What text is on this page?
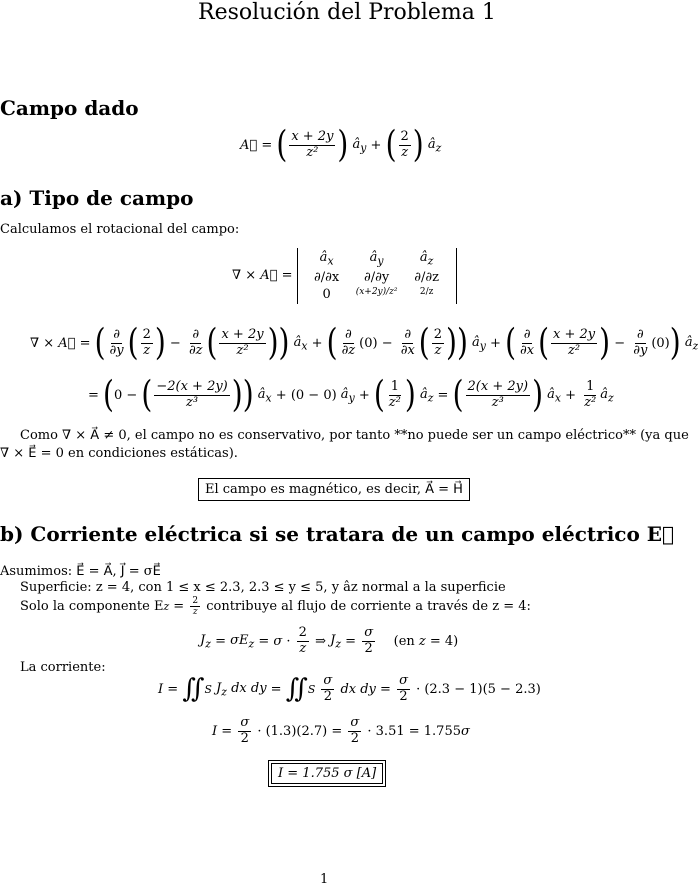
Resolución del Problema 1
Campo dado
A⃗ = ( $\frac{x + 2y}{\text{z²}}$ )
$â_y$ + ( $\frac{2}{z}$ )
$â_z$
a) Tipo de campo
Calculamos el rotacional del campo:
∇ × A⃗ =
$â_x$	$â_y$	$â_z$
∂/∂x	∂/∂y	∂/∂z
0	(x+2y)/z²	2/z
∇ × A⃗ = ( $\frac{\partial}{\partial y}$ ( $\frac{2}{z}$ ) − $\frac{\partial}{\partial z}$ ( $\frac{x + 2y}{\text{z²}}$ ) )
$â_x$ + ( $\frac{\partial}{\partial z} (0) - \frac{\partial}{\partial x}$ ( $\frac{2}{z}$ ) )
$â_y$ + ( $\frac{\partial}{\partial x}$ ( $\frac{x + 2y}{\text{z²}}$ ) − $\frac{\partial}{\partial y} (0)$ )
$â_z$
= ( 0 − ( $\frac{-2(x + 2y)}{\text{z³}}$ ) )
$â_x + (0 - 0)$ $â_y$ + ( $\frac{1}{\text{z²}}$ )
$â_z$ = ( $\frac{2(x + 2y)}{\text{z³}}$ )
$â_x + \frac{1}{\text{z²}}$ $â_z$
Como ∇ × A⃗ ≠ 0, el campo no es conservativo, por tanto **no puede ser un campo eléctrico** (ya que
∇ × E⃗ = 0 en condiciones estáticas).
El campo es magnético, es decir, A⃗ = H⃗
b) Corriente eléctrica si se tratara de un campo eléctrico E⃗
Asumimos: E⃗ = A⃗, J⃗ = σE⃗
Superficie: z = 4, con 1 ≤ x ≤ 2.3, 2.3 ≤ y ≤ 5, y âz normal a la superficie
Solo la componente E $z = \frac{2}{z}$
contribuye al flujo de corriente a través de z = 4:
$J_z = \sigma E_z = \sigma \cdot \frac{2}{z}$ ⇒ $J_z = \frac{\sigma}{2} (en$ z = 4)
La corriente:
I = ∬ S
$J_z$ dx dy = ∬ S
$\frac{\sigma}{2}$
dx dy = $\frac{\sigma}{2} \cdot (2.3 - 1)(5 - 2.3)$
$I = \frac{\sigma}{2} \cdot (1.3)(2.7) = \frac{\sigma}{2} \cdot 3.51 = 1.755$ σ
I = 1.755 σ [A]
1
